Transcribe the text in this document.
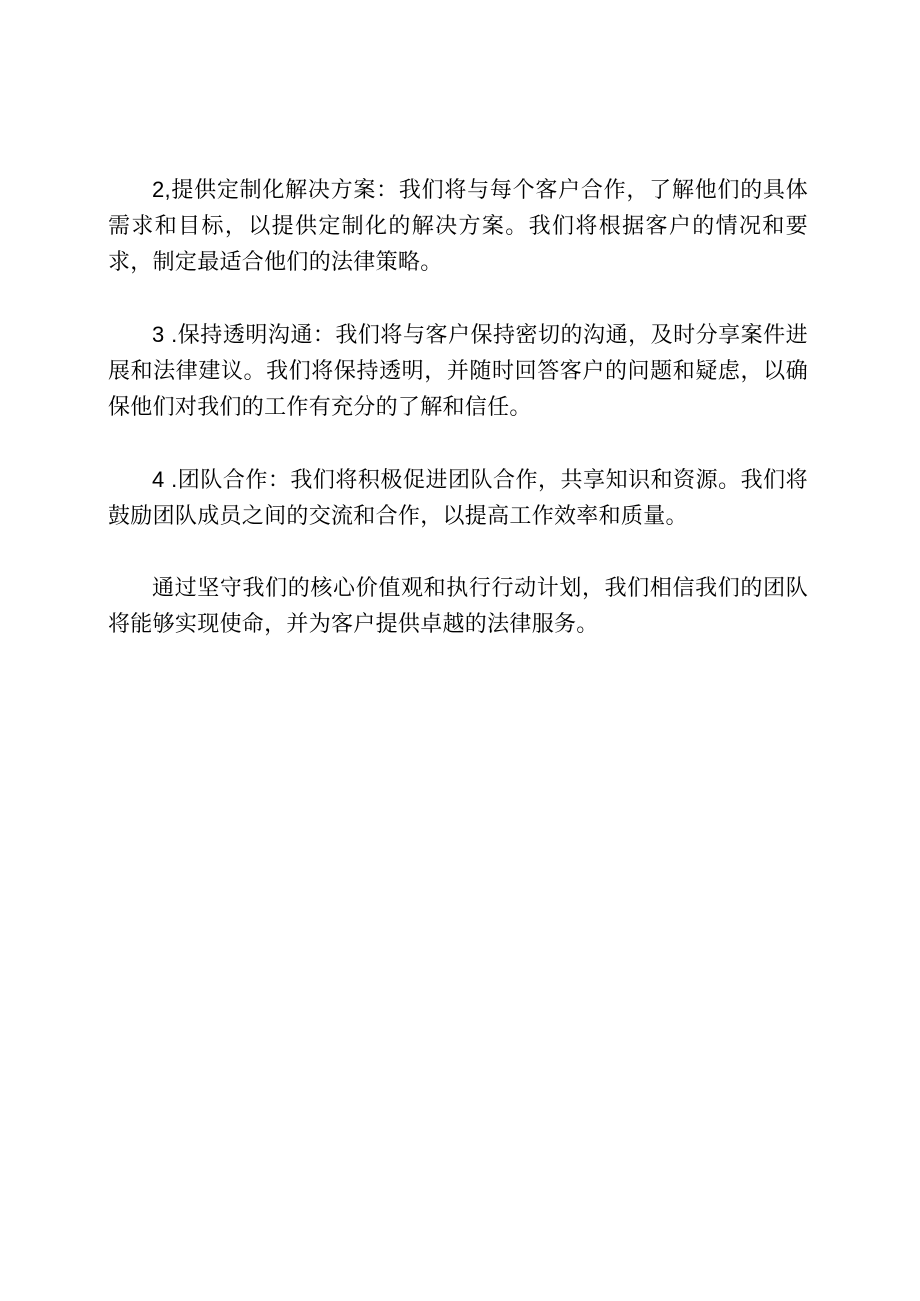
2,提供定制化解决方案：我们将与每个客户合作，了解他们的具体需求和目标，以提供定制化的解决方案。我们将根据客户的情况和要求，制定最适合他们的法律策略。

3 .保持透明沟通：我们将与客户保持密切的沟通，及时分享案件进展和法律建议。我们将保持透明，并随时回答客户的问题和疑虑，以确保他们对我们的工作有充分的了解和信任。

4 .团队合作：我们将积极促进团队合作，共享知识和资源。我们将鼓励团队成员之间的交流和合作，以提高工作效率和质量。

通过坚守我们的核心价值观和执行行动计划，我们相信我们的团队将能够实现使命，并为客户提供卓越的法律服务。
